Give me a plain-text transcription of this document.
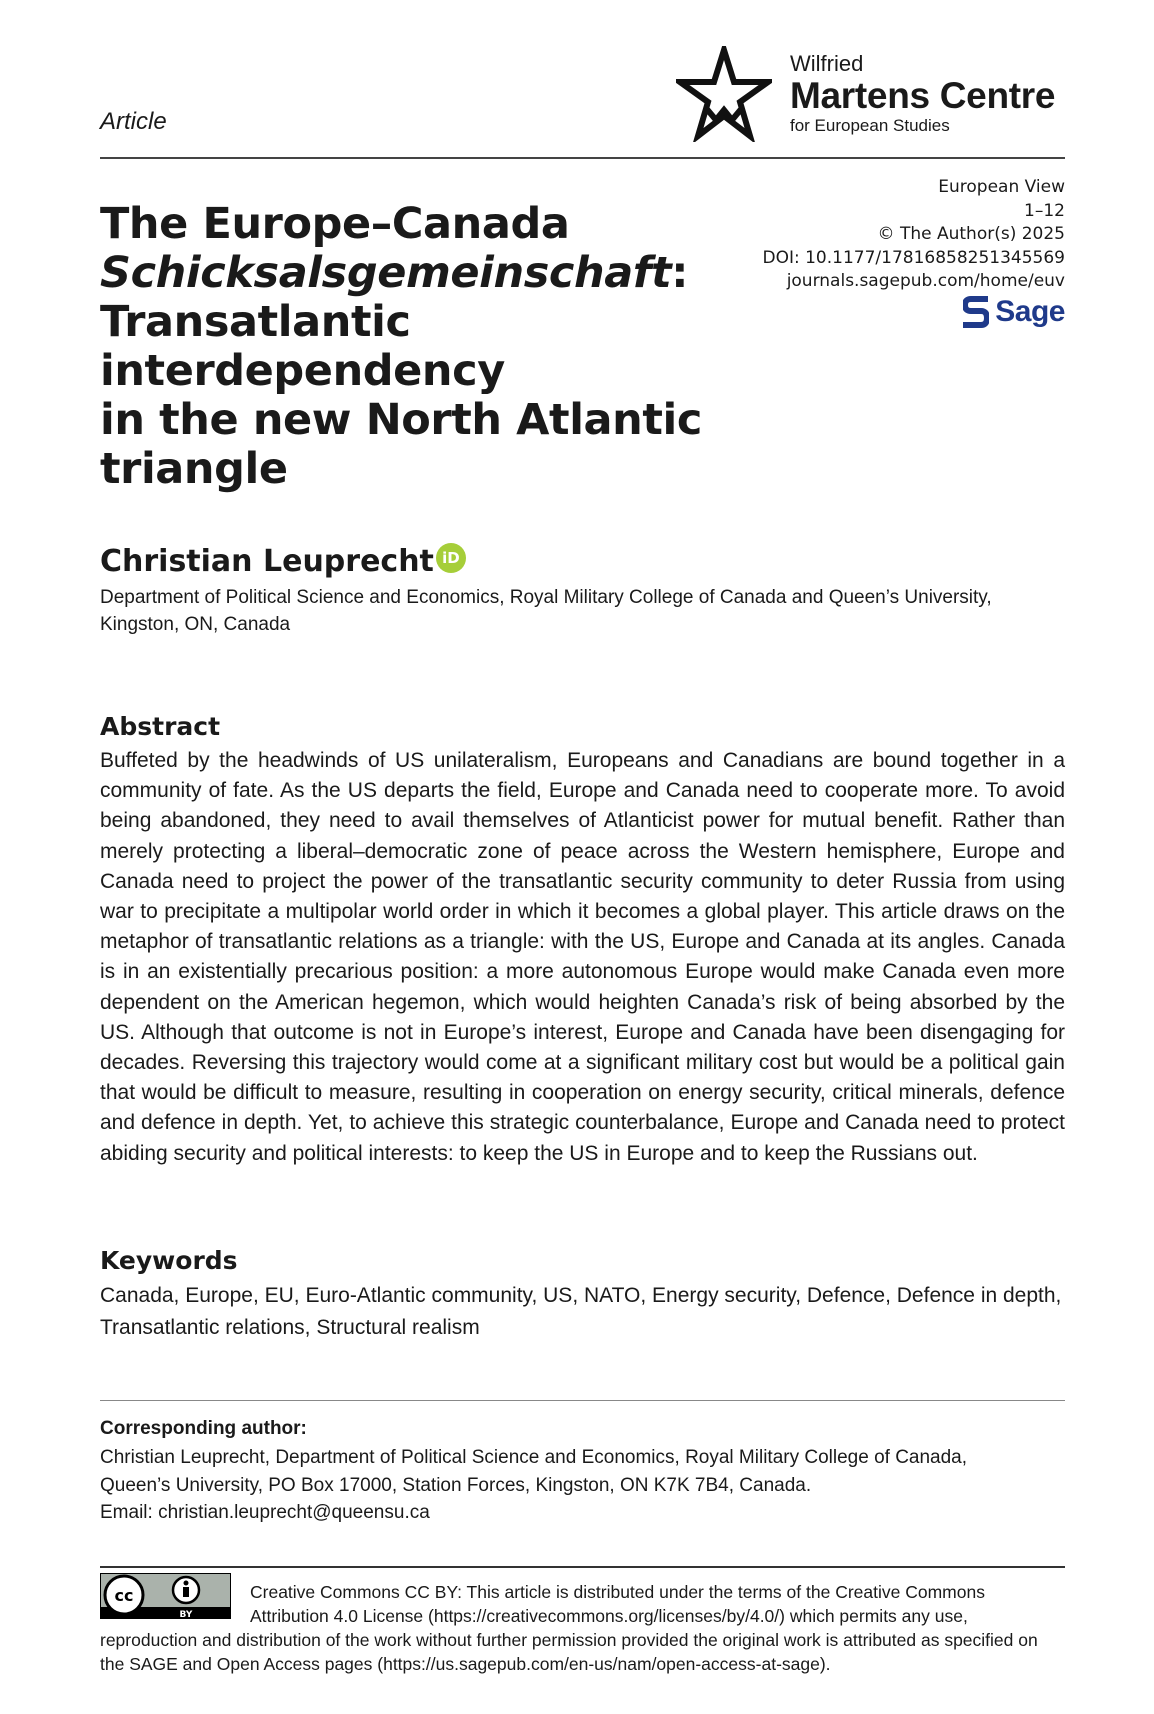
Article
Wilfried
Martens Centre
for European Studies
European View
1–12
© The Author(s) 2025
DOI: 10.1177/17816858251345569
journals.sagepub.com/home/euv
Sage
The Europe–Canada
Schicksalsgemeinschaft:
Transatlantic interdependency
in the new North Atlantic
triangle
Christian Leuprecht iD
Department of Political Science and Economics, Royal Military College of Canada and Queen’s University, Kingston, ON, Canada
Abstract
Buffeted by the headwinds of US unilateralism, Europeans and Canadians are bound together in a community of fate. As the US departs the field, Europe and Canada need to cooperate more. To avoid being abandoned, they need to avail themselves of Atlanticist power for mutual benefit. Rather than merely protecting a liberal–democratic zone of peace across the Western hemisphere, Europe and Canada need to project the power of the transatlantic security community to deter Russia from using war to precipitate a multipolar world order in which it becomes a global player. This article draws on the metaphor of transatlantic relations as a triangle: with the US, Europe and Canada at its angles. Canada is in an existentially precarious position: a more autonomous Europe would make Canada even more dependent on the American hegemon, which would heighten Canada’s risk of being absorbed by the US. Although that outcome is not in Europe’s interest, Europe and Canada have been disengaging for decades. Reversing this trajectory would come at a significant military cost but would be a political gain that would be difficult to measure, resulting in cooperation on energy security, critical minerals, defence and defence in depth. Yet, to achieve this strategic counterbalance, Europe and Canada need to protect abiding security and political interests: to keep the US in Europe and to keep the Russians out.
Keywords
Canada, Europe, EU, Euro-Atlantic community, US, NATO, Energy security, Defence, Defence in depth, Transatlantic relations, Structural realism
Corresponding author:
Christian Leuprecht, Department of Political Science and Economics, Royal Military College of Canada,
Queen’s University, PO Box 17000, Station Forces, Kingston, ON K7K 7B4, Canada.
Email: christian.leuprecht@queensu.ca
cc
BY
Creative Commons CC BY: This article is distributed under the terms of the Creative Commons Attribution 4.0 License (https://creativecommons.org/licenses/by/4.0/) which permits any use, reproduction and distribution of the work without further permission provided the original work is attributed as specified on the SAGE and Open Access pages (https://us.sagepub.com/en-us/nam/open-access-at-sage).
